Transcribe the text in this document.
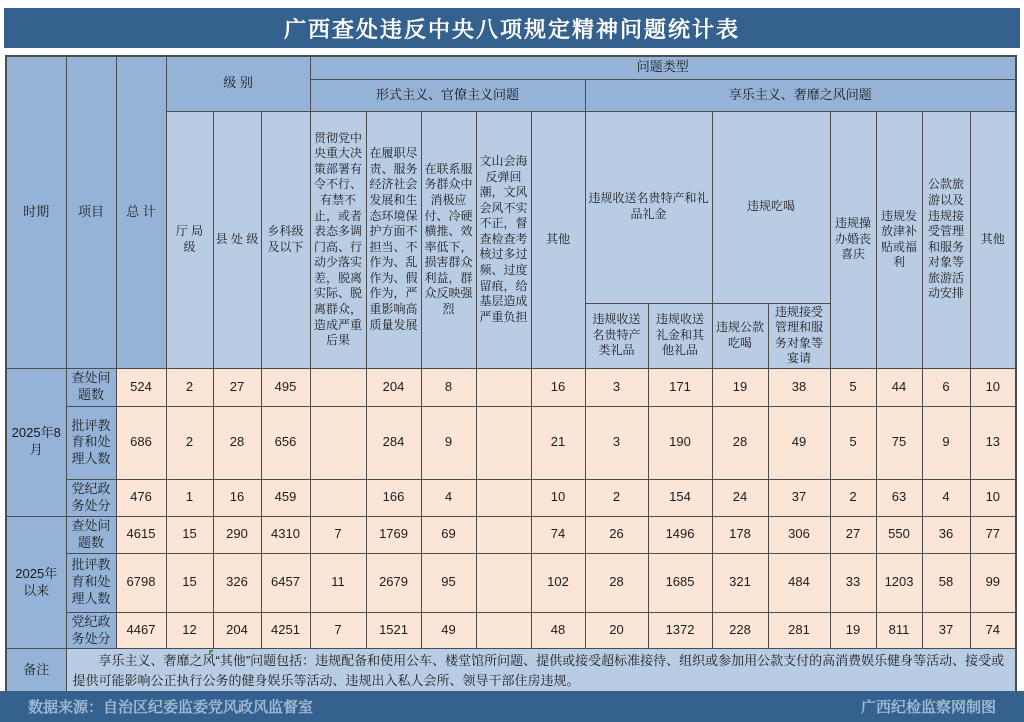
广西查处违反中央八项规定精神问题统计表
时期	项目	总 计	级 别			问题类型												
						形式主义、官僚主义问题					享乐主义、奢靡之风问题							
			厅 局 级	县 处 级	乡科级及以下	贯彻党中央重大决策部署有令不行、有禁不止，或者表态多调门高、行动少落实差，脱离实际、脱离群众，造成严重后果	在履职尽责、服务经济社会发展和生态环境保护方面不担当、不作为、乱作为、假作为，严重影响高质量发展	在联系服务群众中消极应付、冷硬横推、效率低下，损害群众利益，群众反映强烈	文山会海反弹回潮，文风会风不实不正，督查检查考核过多过频、过度留痕，给基层造成严重负担	其他	违规收送名贵特产和礼品礼金		违规吃喝		违规操办婚丧喜庆	违规发放津补贴或福利	公款旅游以及违规接受管理和服务对象等旅游活动安排	其他
											违规收送名贵特产类礼品	违规收送礼金和其他礼品	违规公款吃喝	违规接受管理和服务对象等宴请				
2025年8月	查处问题数	524	2	27	495		204	8		16	3	171	19	38	5	44	6	10
	批评教育和处理人数	686	2	28	656		284	9		21	3	190	28	49	5	75	9	13
	党纪政务处分	476	1	16	459		166	4		10	2	154	24	37	2	63	4	10
2025年以来	查处问题数	4615	15	290	4310	7	1769	69		74	26	1496	178	306	27	550	36	77
	批评教育和处理人数	6798	15	326	6457	11	2679	95		102	28	1685	321	484	33	1203	58	99
	党纪政务处分	4467	12	204	4251	7	1521	49		48	20	1372	228	281	19	811	37	74
备注	享乐主义、奢靡之风“其他”问题包括：违规配备和使用公车、楼堂馆所问题、提供或接受超标准接待、组织或参加用公款支付的高消费娱乐健身等活动、接受或提供可能影响公正执行公务的健身娱乐等活动、违规出入私人会所、领导干部住房违规。																	

数据来源：自治区纪委监委党风政风监督室	广西纪检监察网制图
